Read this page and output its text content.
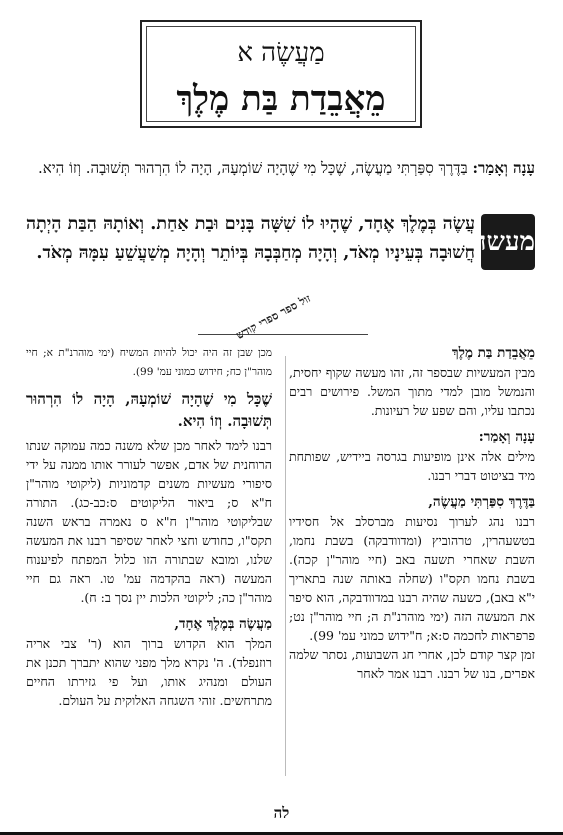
מַעֲשֶׂה א
מֵאֲבֵדַת בַּת מֶלֶךְ
עָנָה וְאָמַר: בַּדֶּרֶךְ סִפַּרְתִּי מַעֲשֶׂה, שֶׁכָּל מִי שֶׁהָיָה שׁוֹמְעָהּ, הָיָה לוֹ הִרְהוּר תְּשׁוּבָה. וְזוֹ הִיא.
מעשה
עֲשֶׂה בְּמֶלֶךְ אֶחָד, שֶׁהָיוּ לוֹ שִׁשָּׁה בָּנִים וּבַת אַחַת. וְאוֹתָהּ הַבַּת הָיְתָה חֲשׁוּבָה בְּעֵינָיו מְאֹד, וְהָיָה מְחַבְּבָהּ בְּיוֹתֵר וְהָיָה מְשַׁעֲשֵׁעַ עִמָּהּ מְאֹד.
זול ספר ספרי קודש
מֵאֲבֵדַת בַּת מֶלֶךְ

מבין המעשיות שבספר זה, זהו מעשה שקוף יחסית, והנמשל מובן למדי מתוך המשל. פירושים רבים נכתבו עליו, והם שפע של רעיונות.

עָנָה וְאָמַר:

מילים אלה אינן מופיעות בגרסה ביידיש, שפותחת מיד בציטוט דברי רבנו.

בַּדֶּרֶךְ סִפַּרְתִּי מַעֲשֶׂה,

רבנו נהג לערוך נסיעות מברסלב אל חסידיו בטשעהרין, טרהוביץ (ומדוודבקה) בשבת נחמו, השבת שאחרי תשעה באב (חיי מוהר"ן קכה). בשבת נחמו תקס"ו (שחלה באותה שנה בתאריך י"א באב), כשעה שהיה רבנו במדוודבקה, הוא סיפר את המעשה הזה (ימי מוהרנ"ת ה; חיי מוהר"ן נט; פרפראות לחכמה ס:א; ח"ידוש כמוני עמ' 99).

זמן קצר קודם לכן, אחרי חג השבועות, נסתר שלמה אפרים, בנו של רבנו. רבנו אמר לאחר

מכן שבן זה היה יכול להיות המשיח (ימי מוהרנ"ת א; חיי מוהר"ן כח; חידוש כמוני עמ' 99).

שֶׁכָּל מִי שֶׁהָיָה שׁוֹמְעָהּ, הָיָה לוֹ הִרְהוּר תְּשׁוּבָה. וְזוֹ הִיא.

רבנו לימד לאחר מכן שלא משנה כמה עמוקה שנתו הרוחנית של אדם, אפשר לעורר אותו ממנה על ידי סיפורי מעשיות משנים קדמוניות (ליקוטי מוהר"ן ח"א ס; ביאור הליקוטים ס:כב-כג). התורה שבליקוטי מוהר"ן ח"א ס נאמרה בראש השנה תקס"ו, כחודש וחצי לאחר שסיפר רבנו את המעשה שלנו, ומובא שבתורה הזו כלול המפתח לפיענוח המעשה (ראה בהקדמה עמ' טו. ראה גם חיי מוהר"ן כה; ליקוטי הלכות יין נסך ב: ח).

מַעֲשֶׂה בְּמֶלֶךְ אֶחָד,

המלך הוא הקדוש ברוך הוא (ר' צבי אריה רוזנפלד). ה' נקרא מלך מפני שהוא יתברך תכנן את העולם ומנהיג אותו, ועל פי גזירתו החיים מתרחשים. זוהי השגחה האלוקית על העולם.

לה
